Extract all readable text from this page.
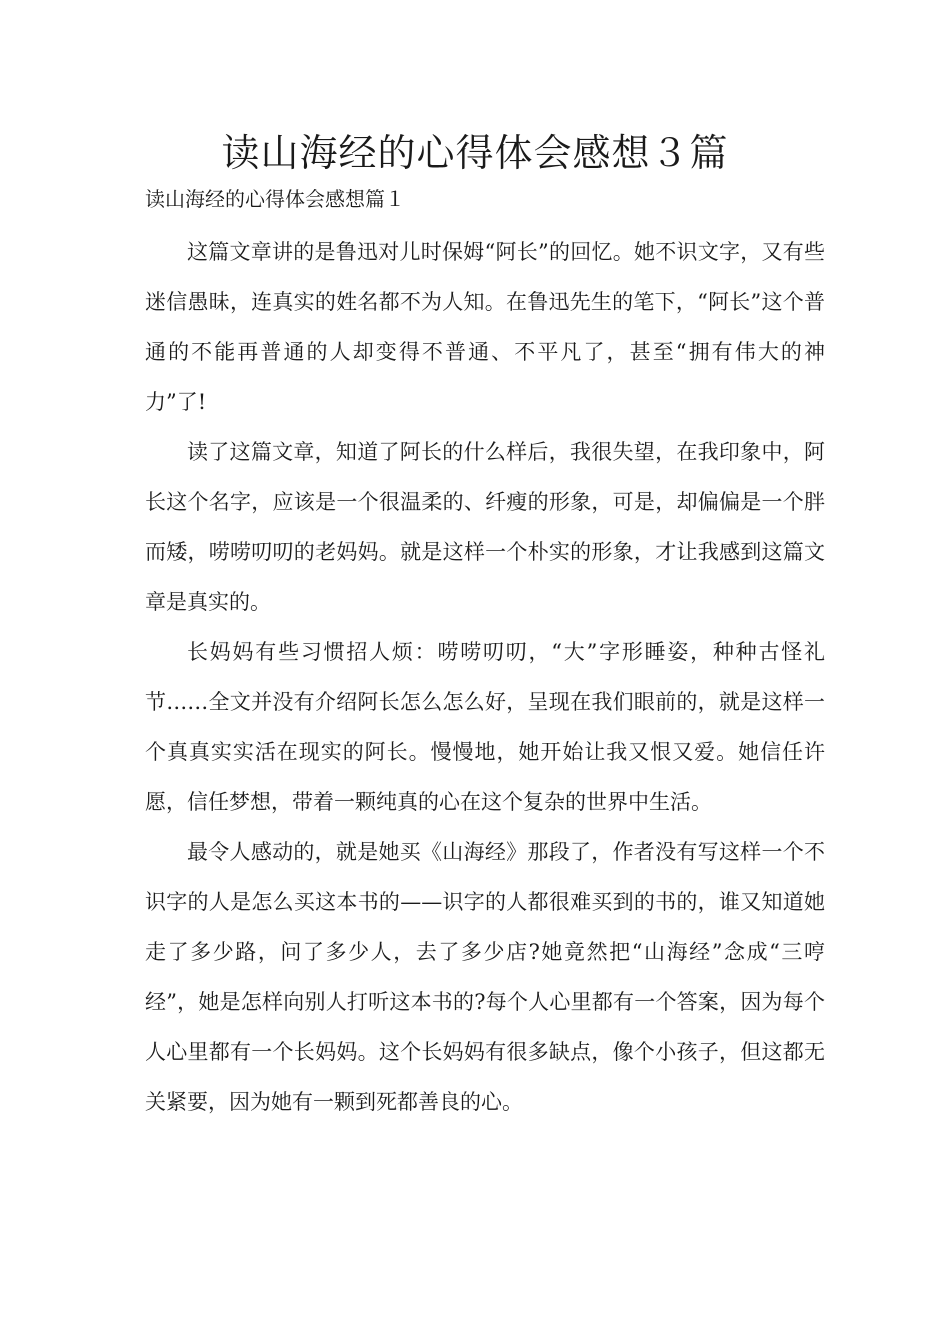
读山海经的心得体会感想３篇
读山海经的心得体会感想篇１

这篇文章讲的是鲁迅对儿时保姆“阿长”的回忆。她不识文字，又有些迷信愚昧，连真实的姓名都不为人知。在鲁迅先生的笔下，“阿长”这个普通的不能再普通的人却变得不普通、不平凡了，甚至“拥有伟大的神力”了!

读了这篇文章，知道了阿长的什么样后，我很失望，在我印象中，阿长这个名字，应该是一个很温柔的、纤瘦的形象，可是，却偏偏是一个胖而矮，唠唠叨叨的老妈妈。就是这样一个朴实的形象，才让我感到这篇文章是真实的。

长妈妈有些习惯招人烦：唠唠叨叨，“大”字形睡姿，种种古怪礼节……全文并没有介绍阿长怎么怎么好，呈现在我们眼前的，就是这样一个真真实实活在现实的阿长。慢慢地，她开始让我又恨又爱。她信任许愿，信任梦想，带着一颗纯真的心在这个复杂的世界中生活。

最令人感动的，就是她买《山海经》那段了，作者没有写这样一个不识字的人是怎么买这本书的——识字的人都很难买到的书的，谁又知道她走了多少路，问了多少人，去了多少店?她竟然把“山海经”念成“三哼经”，她是怎样向别人打听这本书的?每个人心里都有一个答案，因为每个人心里都有一个长妈妈。这个长妈妈有很多缺点，像个小孩子，但这都无关紧要，因为她有一颗到死都善良的心。
